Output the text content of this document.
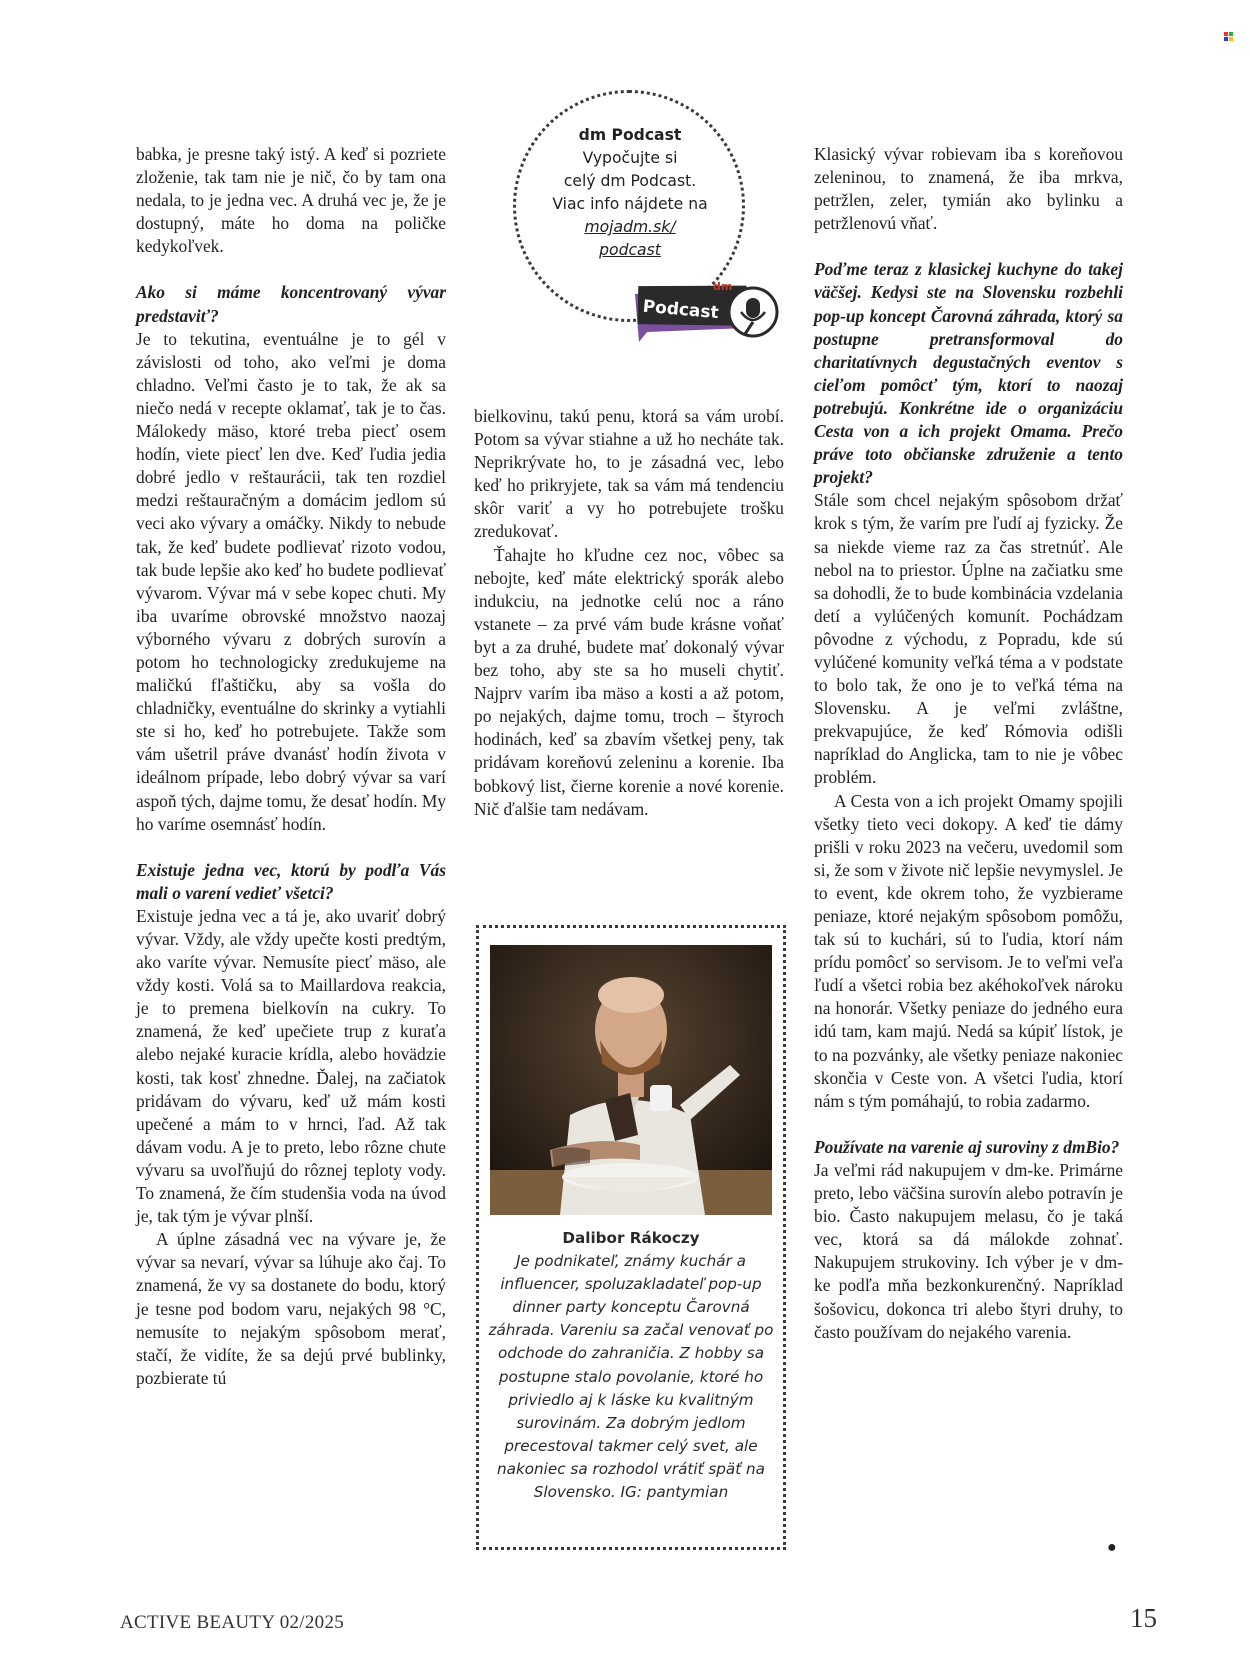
babka, je presne taký istý. A keď si pozriete zloženie, tak tam nie je nič, čo by tam ona nedala, to je jedna vec. A druhá vec je, že je dostupný, máte ho doma na poličke kedykoľvek.

Ako si máme koncentrovaný vývar predstaviť?

Je to tekutina, eventuálne je to gél v závislosti od toho, ako veľmi je doma chladno. Veľmi často je to tak, že ak sa niečo nedá v recepte oklamať, tak je to čas. Málokedy mäso, ktoré treba piecť osem hodín, viete piecť len dve. Keď ľudia jedia dobré jedlo v reštaurácii, tak ten rozdiel medzi reštauračným a domácim jedlom sú veci ako vývary a omáčky. Nikdy to nebude tak, že keď budete podlievať rizoto vodou, tak bude lepšie ako keď ho budete podlievať vývarom. Vývar má v sebe kopec chuti. My iba uvaríme obrovské množstvo naozaj výborného vývaru z dobrých surovín a potom ho technologicky zredukujeme na maličkú fľaštičku, aby sa vošla do chladničky, eventuálne do skrinky a vytiahli ste si ho, keď ho potrebujete. Takže som vám ušetril práve dvanásť hodín života v ideálnom prípade, lebo dobrý vývar sa varí aspoň tých, dajme tomu, že desať hodín. My ho varíme osemnásť hodín.

Existuje jedna vec, ktorú by podľa Vás mali o varení vedieť všetci?

Existuje jedna vec a tá je, ako uvariť dobrý vývar. Vždy, ale vždy upečte kosti predtým, ako varíte vývar. Nemusíte piecť mäso, ale vždy kosti. Volá sa to Maillardova reakcia, je to premena bielkovín na cukry. To znamená, že keď upečiete trup z kuraťa alebo nejaké kuracie krídla, alebo hovädzie kosti, tak kosť zhnedne. Ďalej, na začiatok pridávam do vývaru, keď už mám kosti upečené a mám to v hrnci, ľad. Až tak dávam vodu. A je to preto, lebo rôzne chute vývaru sa uvoľňujú do rôznej teploty vody. To znamená, že čím studenšia voda na úvod je, tak tým je vývar plnší.

A úplne zásadná vec na vývare je, že vývar sa nevarí, vývar sa lúhuje ako čaj. To znamená, že vy sa dostanete do bodu, ktorý je tesne pod bodom varu, nejakých 98 °C, nemusíte to nejakým spôsobom merať, stačí, že vidíte, že sa dejú prvé bublinky, pozbierate tú

dm Podcast
Vypočujte si
celý dm Podcast.
Viac info nájdete na
mojadm.sk/
podcast
Podcast
dm

bielkovinu, takú penu, ktorá sa vám urobí. Potom sa vývar stiahne a už ho necháte tak. Neprikrývate ho, to je zásadná vec, lebo keď ho prikryjete, tak sa vám má tendenciu skôr variť a vy ho potrebujete trošku zredukovať.

Ťahajte ho kľudne cez noc, vôbec sa nebojte, keď máte elektrický sporák alebo indukciu, na jednotke celú noc a ráno vstanete – za prvé vám bude krásne voňať byt a za druhé, budete mať dokonalý vývar bez toho, aby ste sa ho museli chytiť. Najprv varím iba mäso a kosti a až potom, po nejakých, dajme tomu, troch – štyroch hodinách, keď sa zbavím všetkej peny, tak pridávam koreňovú zeleninu a korenie. Iba bobkový list, čierne korenie a nové korenie. Nič ďalšie tam nedávam.

Dalibor Rákoczy
Je podnikateľ, známy kuchár a influencer, spoluzakladateľ pop-up dinner party konceptu Čarovná záhrada. Vareniu sa začal venovať po odchode do zahraničia. Z hobby sa postupne stalo povolanie, ktoré ho priviedlo aj k láske ku kvalitným surovinám. Za dobrým jedlom precestoval takmer celý svet, ale nakoniec sa rozhodol vrátiť späť na Slovensko. IG: pantymian

Klasický vývar robievam iba s koreňovou zeleninou, to znamená, že iba mrkva, petržlen, zeler, tymián ako bylinku a petržlenovú vňať.

Poďme teraz z klasickej kuchyne do takej väčšej. Kedysi ste na Slovensku rozbehli pop-up koncept Čarovná záhrada, ktorý sa postupne pretransformoval do charitatívnych degustačných eventov s cieľom pomôcť tým, ktorí to naozaj potrebujú. Konkrétne ide o organizáciu Cesta von a ich projekt Omama. Prečo práve toto občianske združenie a tento projekt?

Stále som chcel nejakým spôsobom držať krok s tým, že varím pre ľudí aj fyzicky. Že sa niekde vieme raz za čas stretnúť. Ale nebol na to priestor. Úplne na začiatku sme sa dohodli, že to bude kombinácia vzdelania detí a vylúčených komunít. Pochádzam pôvodne z východu, z Popradu, kde sú vylúčené komunity veľká téma a v podstate to bolo tak, že ono je to veľká téma na Slovensku. A je veľmi zvláštne, prekvapujúce, že keď Rómovia odišli napríklad do Anglicka, tam to nie je vôbec problém.

A Cesta von a ich projekt Omamy spojili všetky tieto veci dokopy. A keď tie dámy prišli v roku 2023 na večeru, uvedomil som si, že som v živote nič lepšie nevymyslel. Je to event, kde okrem toho, že vyzbierame peniaze, ktoré nejakým spôsobom pomôžu, tak sú to kuchári, sú to ľudia, ktorí nám prídu pomôcť so servisom. Je to veľmi veľa ľudí a všetci robia bez akéhokoľvek nároku na honorár. Všetky peniaze do jedného eura idú tam, kam majú. Nedá sa kúpiť lístok, je to na pozvánky, ale všetky peniaze nakoniec skončia v Ceste von. A všetci ľudia, ktorí nám s tým pomáhajú, to robia zadarmo.

Používate na varenie aj suroviny z dmBio?

Ja veľmi rád nakupujem v dm-ke. Primárne preto, lebo väčšina surovín alebo potravín je bio. Často nakupujem melasu, čo je taká vec, ktorá sa dá málokde zohnať. Nakupujem strukoviny. Ich výber je v dm-ke podľa mňa bezkonkurenčný. Napríklad šošovicu, dokonca tri alebo štyri druhy, to často používam do nejakého varenia.

●
ACTIVE BEAUTY 02/2025	15
